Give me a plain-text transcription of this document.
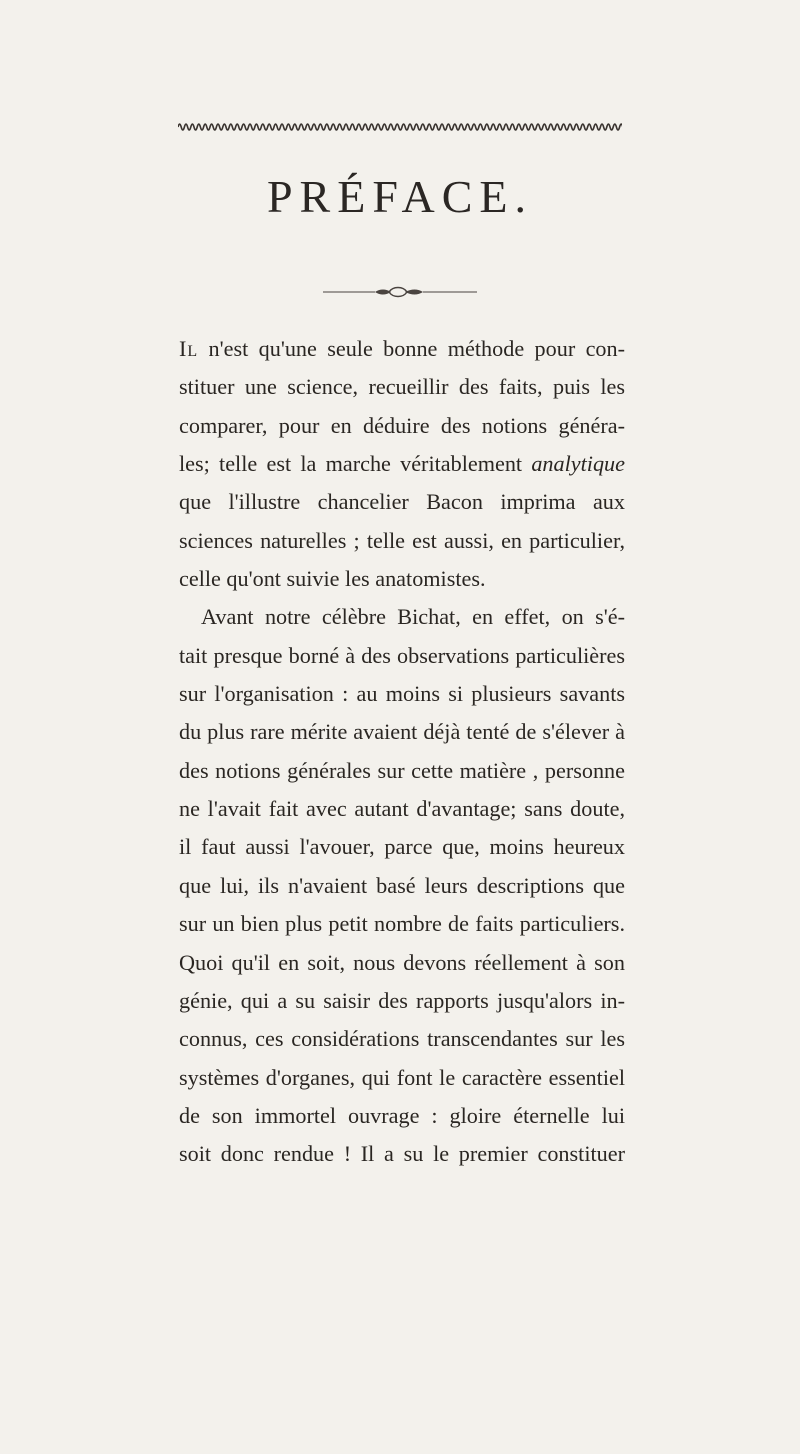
PRÉFACE.
Il n'est qu'une seule bonne méthode pour con-
stituer une science, recueillir des faits, puis les
comparer, pour en déduire des notions généra-
les; telle est la marche véritablement analytique
que l'illustre chancelier Bacon imprima aux
sciences naturelles ; telle est aussi, en particulier,
celle qu'ont suivie les anatomistes.
Avant notre célèbre Bichat, en effet, on s'é-
tait presque borné à des observations particulières
sur l'organisation : au moins si plusieurs savants
du plus rare mérite avaient déjà tenté de s'élever à
des notions générales sur cette matière , personne
ne l'avait fait avec autant d'avantage; sans doute,
il faut aussi l'avouer, parce que, moins heureux
que lui, ils n'avaient basé leurs descriptions que
sur un bien plus petit nombre de faits particuliers.
Quoi qu'il en soit, nous devons réellement à son
génie, qui a su saisir des rapports jusqu'alors in-
connus, ces considérations transcendantes sur les
systèmes d'organes, qui font le caractère essentiel
de son immortel ouvrage : gloire éternelle lui
soit donc rendue ! Il a su le premier constituer
